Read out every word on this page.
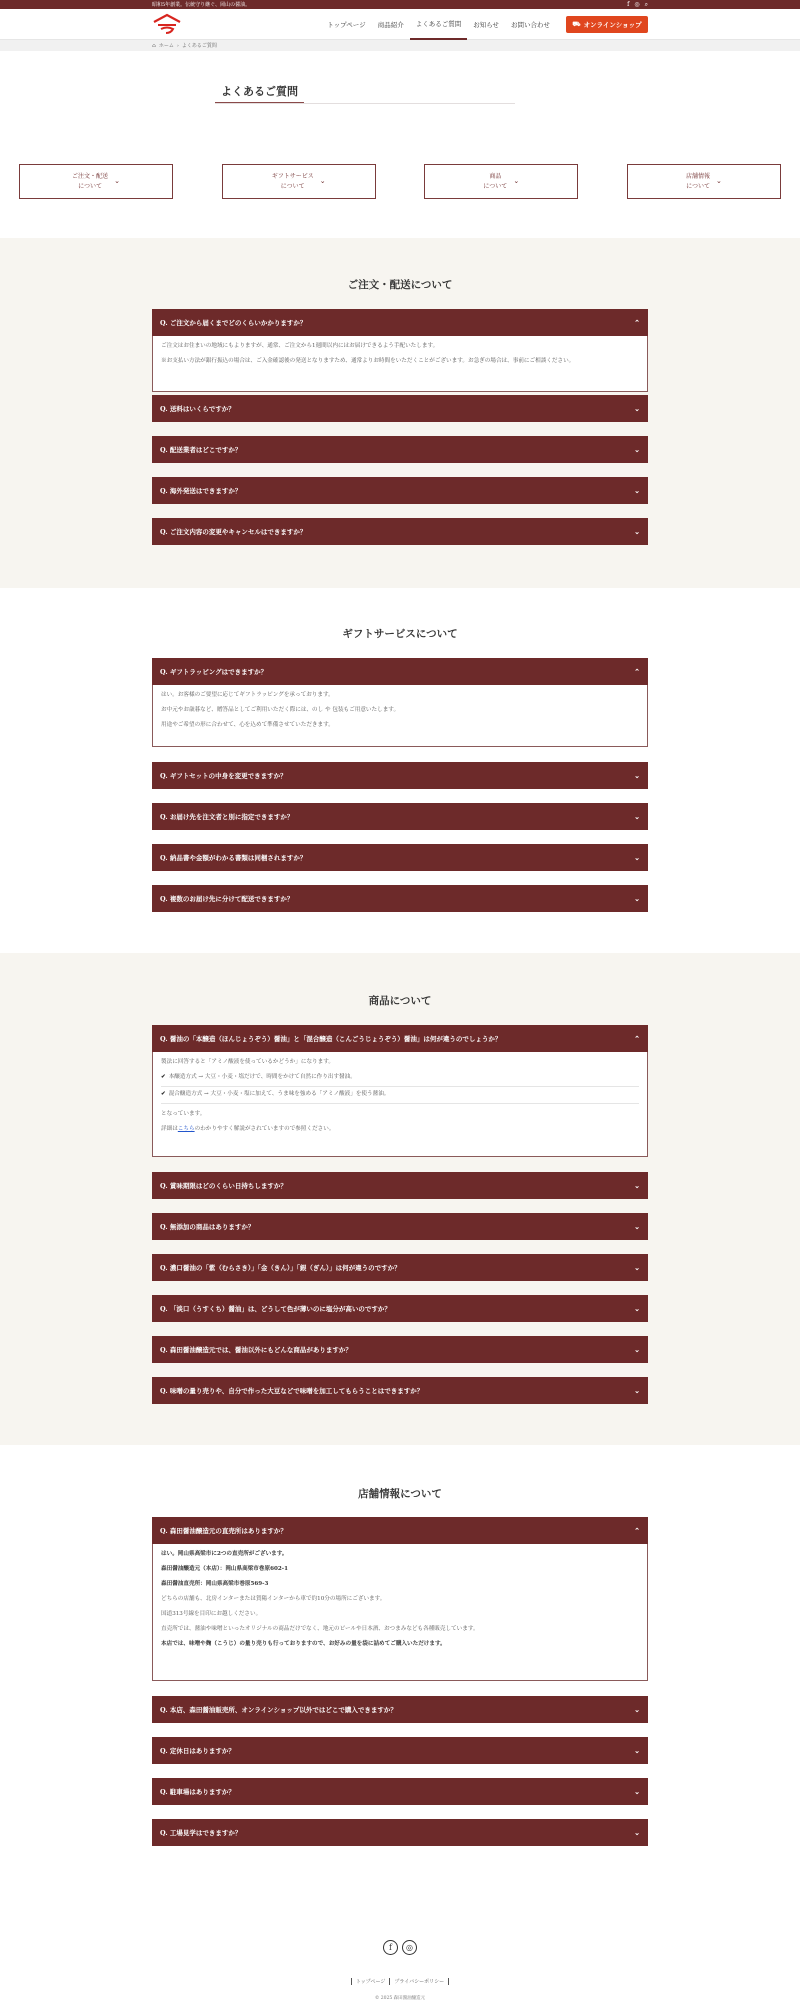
昭和5年創業。伝統守り継ぐ、岡山の醤油。	f ◎ ⌕
トップページ	商品紹介	よくあるご質問	お知らせ	お問い合わせ	⛟ オンラインショップ
⌂ ホーム › よくあるご質問
よくあるご質問
ご注文・配送
について
⌄
ギフトサービス
について
⌄
商品
について
⌄
店舗情報
について
⌄
ご注文・配送について
Q. ご注文から届くまでどのくらいかかりますか？	⌃

ご注文はお住まいの地域にもよりますが、通常、ご注文から1週間以内にはお届けできるよう手配いたします。

※お支払い方法が銀行振込の場合は、ご入金確認後の発送となりますため、通常よりお時間をいただくことがございます。お急ぎの場合は、事前にご相談ください。

Q. 送料はいくらですか？	⌄
Q. 配送業者はどこですか？	⌄
Q. 海外発送はできますか？	⌄
Q. ご注文内容の変更やキャンセルはできますか？	⌄
ギフトサービスについて
Q. ギフトラッピングはできますか？	⌃

はい。お客様のご要望に応じてギフトラッピングを承っております。

お中元やお歳暮など、贈答品としてご利用いただく際には、のし や 包装もご用意いたします。

用途やご希望の形に合わせて、心を込めて準備させていただきます。

Q. ギフトセットの中身を変更できますか？	⌄
Q. お届け先を注文者と別に指定できますか？	⌄
Q. 納品書や金額がわかる書類は同梱されますか？	⌄
Q. 複数のお届け先に分けて配送できますか？	⌄
商品について
Q. 醤油の「本醸造（ほんじょうぞう）醤油」と「混合醸造（こんごうじょうぞう）醤油」は何が違うのでしょうか？	⌃

製法に回答すると「アミノ酸液を使っているかどうか」になります。

✔ 本醸造方式 → 大豆・小麦・塩だけで、時間をかけて自然に作り出す醤油。
✔ 混合醸造方式 → 大豆・小麦・塩に加えて、うま味を強める「アミノ酸液」を使う醤油。

となっています。

詳細はこちらのわかりやすく解説がされていますので参照ください。

Q. 賞味期限はどのくらい日持ちしますか？	⌄
Q. 無添加の商品はありますか？	⌄
Q. 濃口醤油の「紫（むらさき）」「金（きん）」「銀（ぎん）」は何が違うのですか？	⌄
Q. 「淡口（うすくち）醤油」は、どうして色が薄いのに塩分が高いのですか？	⌄
Q. 森田醤油醸造元では、醤油以外にもどんな商品がありますか？	⌄
Q. 味噌の量り売りや、自分で作った大豆などで味噌を加工してもらうことはできますか？	⌄
店舗情報について
Q. 森田醤油醸造元の直売所はありますか？	⌃

はい。岡山県高梁市に2つの直売所がございます。

森田醤油醸造元（本店）：岡山県高梁市巻原602-1

森田醤油直売所：岡山県高梁市巻原569-3

どちらの店舗も、北房インターまたは賀陽インターから車で約10分の場所にございます。

国道313号線を目印にお越しください。

直売所では、醤油や味噌といったオリジナルの商品だけでなく、地元のビールや日本酒、おつまみなども各種販売しています。

本店では、味噌や麹（こうじ）の量り売りも行っておりますので、お好みの量を袋に詰めてご購入いただけます。

Q. 本店、森田醤油販売所、オンラインショップ以外ではどこで購入できますか？	⌄
Q. 定休日はありますか？	⌄
Q. 駐車場はありますか？	⌄
Q. 工場見学はできますか？	⌄
f	◎
トップページ	プライバシーポリシー
© 2025 森田醤油醸造元
